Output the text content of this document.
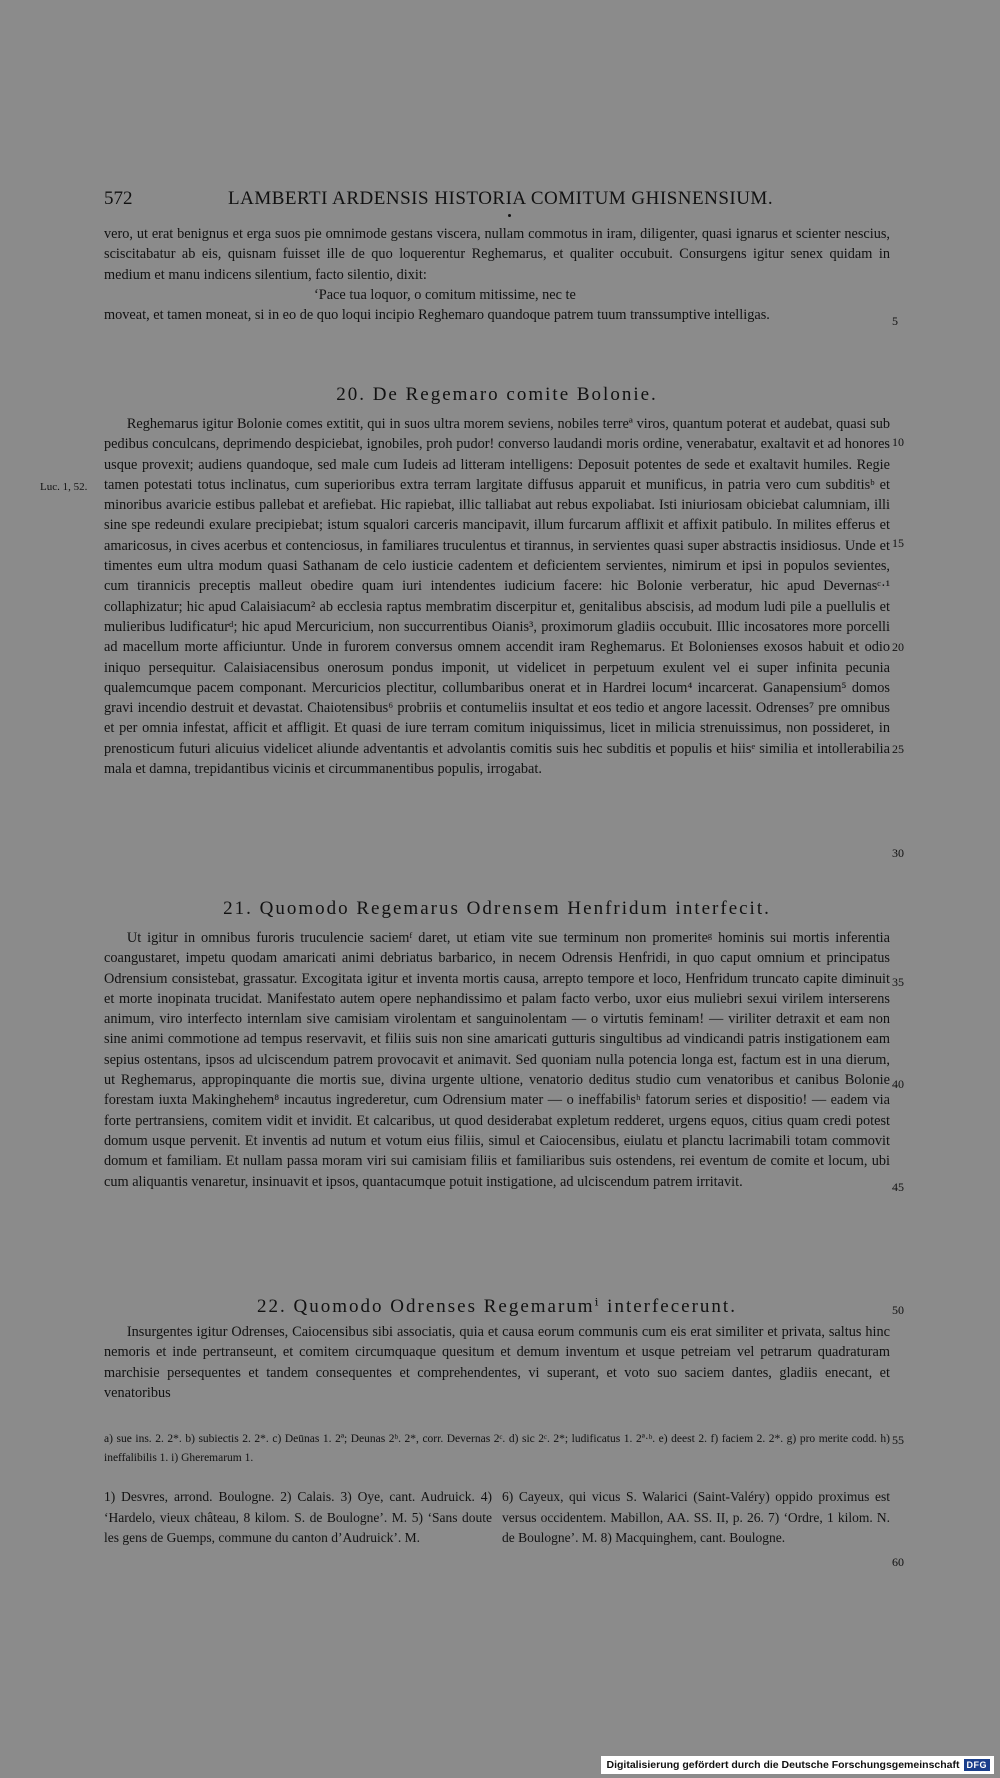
572	LAMBERTI ARDENSIS HISTORIA COMITUM GHISNENSIUM.

vero, ut erat benignus et erga suos pie omnimode gestans viscera, nullam commotus in iram, diligenter, quasi ignarus et scienter nescius, sciscitabatur ab eis, quisnam fuisset ille de quo loquerentur Reghemarus, et qualiter occubuit. Consurgens igitur senex quidam in medium et manu indicens silentium, facto silentio, dixit:

‘Pace tua loquor, o comitum mitissime, nec te

moveat, et tamen moneat, si in eo de quo loqui incipio Reghemaro quandoque patrem tuum transsumptive intelligas.

20. De Regemaro comite Bolonie.

Reghemarus igitur Bolonie comes extitit, qui in suos ultra morem seviens, nobiles terreª viros, quantum poterat et audebat, quasi sub pedibus conculcans, deprimendo despiciebat, ignobiles, proh pudor! converso laudandi moris ordine, venerabatur, exaltavit et ad honores usque provexit; audiens quandoque, sed male cum Iudeis ad litteram intelligens: Deposuit potentes de sede et exaltavit humiles. Regie tamen potestati totus inclinatus, cum superioribus extra terram largitate diffusus apparuit et munificus, in patria vero cum subditisᵇ et minoribus avaricie estibus pallebat et arefiebat. Hic rapiebat, illic talliabat aut rebus expoliabat. Isti iniuriosam obiciebat calumniam, illi sine spe redeundi exulare precipiebat; istum squalori carceris mancipavit, illum furcarum afflixit et affixit patibulo. In milites efferus et amaricosus, in cives acerbus et contenciosus, in familiares truculentus et tirannus, in servientes quasi super abstractis insidiosus. Unde et timentes eum ultra modum quasi Sathanam de celo iusticie cadentem et deficientem servientes, nimirum et ipsi in populos sevientes, cum tirannicis preceptis malleut obedire quam iuri intendentes iudicium facere: hic Bolonie verberatur, hic apud Devernasᶜ·¹ collaphizatur; hic apud Calaisiacum² ab ecclesia raptus membratim discerpitur et, genitalibus abscisis, ad modum ludi pile a puellulis et mulieribus ludificaturᵈ; hic apud Mercuricium, non succurrentibus Oianis³, proximorum gladiis occubuit. Illic incosatores more porcelli ad macellum morte afficiuntur. Unde in furorem conversus omnem accendit iram Reghemarus. Et Bolonienses exosos habuit et odio iniquo persequitur. Calaisiacensibus onerosum pondus imponit, ut videlicet in perpetuum exulent vel ei super infinita pecunia qualemcumque pacem componant. Mercuricios plectitur, collumbaribus onerat et in Hardrei locum⁴ incarcerat. Ganapensium⁵ domos gravi incendio destruit et devastat. Chaiotensibus⁶ probriis et contumeliis insultat et eos tedio et angore lacessit. Odrenses⁷ pre omnibus et per omnia infestat, afficit et affligit. Et quasi de iure terram comitum iniquissimus, licet in milicia strenuissimus, non possideret, in prenosticum futuri alicuius videlicet aliunde adventantis et advolantis comitis suis hec subditis et populis et hiisᵉ similia et intollerabilia mala et damna, trepidantibus vicinis et circummanentibus populis, irrogabat.

21. Quomodo Regemarus Odrensem Henfridum interfecit.

Ut igitur in omnibus furoris truculencie saciemᶠ daret, ut etiam vite sue terminum non promeriteᵍ hominis sui mortis inferentia coangustaret, impetu quodam amaricati animi debriatus barbarico, in necem Odrensis Henfridi, in quo caput omnium et principatus Odrensium consistebat, grassatur. Excogitata igitur et inventa mortis causa, arrepto tempore et loco, Henfridum truncato capite diminuit et morte inopinata trucidat. Manifestato autem opere nephandissimo et palam facto verbo, uxor eius muliebri sexui virilem interserens animum, viro interfecto internlam sive camisiam virolentam et sanguinolentam — o virtutis feminam! — viriliter detraxit et eam non sine animi commotione ad tempus reservavit, et filiis suis non sine amaricati gutturis singultibus ad vindicandi patris instigationem eam sepius ostentans, ipsos ad ulciscendum patrem provocavit et animavit. Sed quoniam nulla potencia longa est, factum est in una dierum, ut Reghemarus, appropinquante die mortis sue, divina urgente ultione, venatorio deditus studio cum venatoribus et canibus Bolonie forestam iuxta Makinghehem⁸ incautus ingrederetur, cum Odrensium mater — o ineffabilisʰ fatorum series et dispositio! — eadem via forte pertransiens, comitem vidit et invidit. Et calcaribus, ut quod desiderabat expletum redderet, urgens equos, citius quam credi potest domum usque pervenit. Et inventis ad nutum et votum eius filiis, simul et Caiocensibus, eiulatu et planctu lacrimabili totam commovit domum et familiam. Et nullam passa moram viri sui camisiam filiis et familiaribus suis ostendens, rei eventum de comite et locum, ubi cum aliquantis venaretur, insinuavit et ipsos, quantacumque potuit instigatione, ad ulciscendum patrem irritavit.

22. Quomodo Odrenses Regemarumⁱ interfecerunt.

Insurgentes igitur Odrenses, Caiocensibus sibi associatis, quia et causa eorum communis cum eis erat similiter et privata, saltus hinc nemoris et inde pertranseunt, et comitem circumquaque quesitum et demum inventum et usque petreiam vel petrarum quadraturam marchisie persequentes et tandem consequentes et comprehendentes, vi superant, et voto suo saciem dantes, gladiis enecant, et venatoribus

Luc. 1, 52.
5
10
15
20
25
30
35
40
45
50
55
60
a) sue ins. 2. 2*. b) subiectis 2. 2*. c) Deūnas 1. 2ª; Deunas 2ᵇ. 2*, corr. Devernas 2ᶜ. d) sic 2ᶜ. 2*; ludificatus 1. 2ª·ᵇ. e) deest 2. f) faciem 2. 2*. g) pro merite codd. h) ineffalibilis 1. i) Gheremarum 1.
1) Desvres, arrond. Boulogne. 2) Calais. 3) Oye, cant. Audruick. 4) ‘Hardelo, vieux château, 8 kilom. S. de Boulogne’. M. 5) ‘Sans doute les gens de Guemps, commune du canton d’Audruick’. M.
6) Cayeux, qui vicus S. Walarici (Saint-Valéry) oppido proximus est versus occidentem. Mabillon, AA. SS. II, p. 26. 7) ‘Ordre, 1 kilom. N. de Boulogne’. M. 8) Macquinghem, cant. Boulogne.
Digitalisierung gefördert durch die Deutsche Forschungsgemeinschaft DFG
